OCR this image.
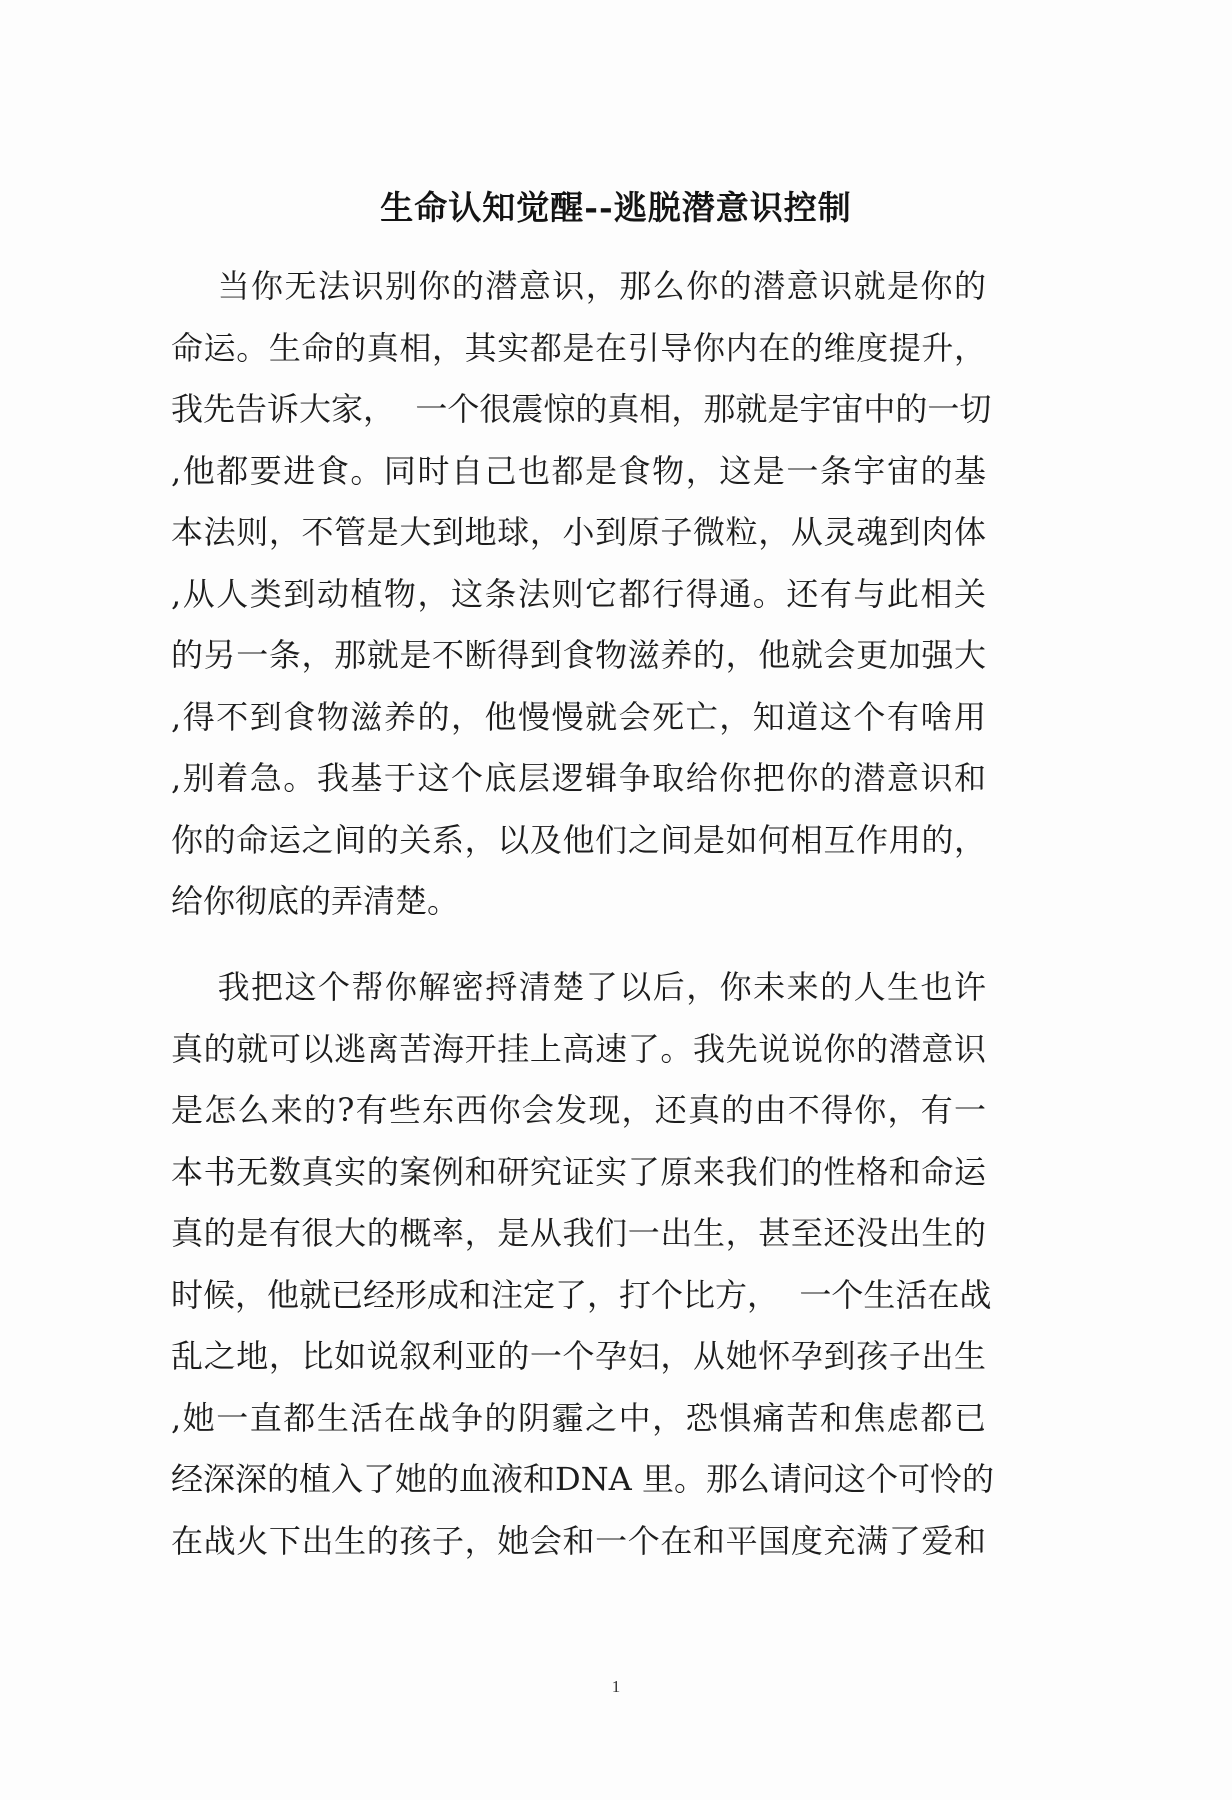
生命认知觉醒--逃脱潜意识控制
当你无法识别你的潜意识，那么你的潜意识就是你的
命运。生命的真相，其实都是在引导你内在的维度提升，
我先告诉大家，  一个很震惊的真相，那就是宇宙中的一切
,他都要进食。同时自己也都是食物，这是一条宇宙的基
本法则，不管是大到地球，小到原子微粒，从灵魂到肉体
,从人类到动植物，这条法则它都行得通。还有与此相关
的另一条，那就是不断得到食物滋养的，他就会更加强大
,得不到食物滋养的，他慢慢就会死亡，知道这个有啥用
,别着急。我基于这个底层逻辑争取给你把你的潜意识和
你的命运之间的关系，以及他们之间是如何相互作用的，
给你彻底的弄清楚。
我把这个帮你解密捋清楚了以后，你未来的人生也许
真的就可以逃离苦海开挂上高速了。我先说说你的潜意识
是怎么来的?有些东西你会发现，还真的由不得你，有一
本书无数真实的案例和研究证实了原来我们的性格和命运
真的是有很大的概率，是从我们一出生，甚至还没出生的
时候，他就已经形成和注定了，打个比方，  一个生活在战
乱之地，比如说叙利亚的一个孕妇，从她怀孕到孩子出生
,她一直都生活在战争的阴霾之中，恐惧痛苦和焦虑都已
经深深的植入了她的血液和DNA 里。那么请问这个可怜的
在战火下出生的孩子，她会和一个在和平国度充满了爱和
1
